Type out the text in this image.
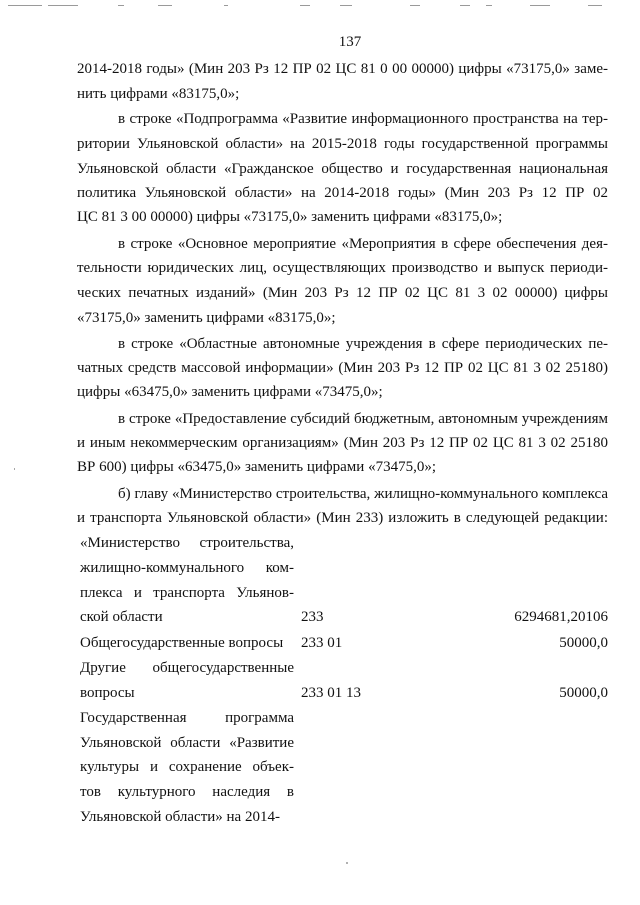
137
2014-2018 годы» (Мин 203 Рз 12 ПР 02 ЦС 81 0 00 00000) цифры «73175,0» заме-
нить цифрами «83175,0»;
в строке «Подпрограмма «Развитие информационного пространства на тер-
ритории Ульяновской области» на 2015-2018 годы государственной программы
Ульяновской области «Гражданское общество и государственная национальная
политика Ульяновской области» на 2014-2018 годы» (Мин 203 Рз 12 ПР 02
ЦС 81 3 00 00000) цифры «73175,0» заменить цифрами «83175,0»;
в строке «Основное мероприятие «Мероприятия в сфере обеспечения дея-
тельности юридических лиц, осуществляющих производство и выпуск периоди-
ческих печатных изданий» (Мин 203 Рз 12 ПР 02 ЦС 81 3 02 00000) цифры
«73175,0» заменить цифрами «83175,0»;
в строке «Областные автономные учреждения в сфере периодических пе-
чатных средств массовой информации» (Мин 203 Рз 12 ПР 02 ЦС 81 3 02 25180)
цифры «63475,0» заменить цифрами «73475,0»;
в строке «Предоставление субсидий бюджетным, автономным учреждениям
и иным некоммерческим организациям» (Мин 203 Рз 12 ПР 02 ЦС 81 3 02 25180
ВР 600) цифры «63475,0» заменить цифрами «73475,0»;
б) главу «Министерство строительства, жилищно-коммунального комплекса
и транспорта Ульяновской области» (Мин 233) изложить в следующей редакции:
«Министерство строительства,
жилищно-коммунального ком-
плекса и транспорта Ульянов-
ской области	233	6294681,20106
Общегосударственные вопросы	233 01	50000,0
Другие общегосударственные
вопросы	233 01 13	50000,0
Государственная программа
Ульяновской области «Развитие
культуры и сохранение объек-
тов культурного наследия в
Ульяновской области» на 2014-
